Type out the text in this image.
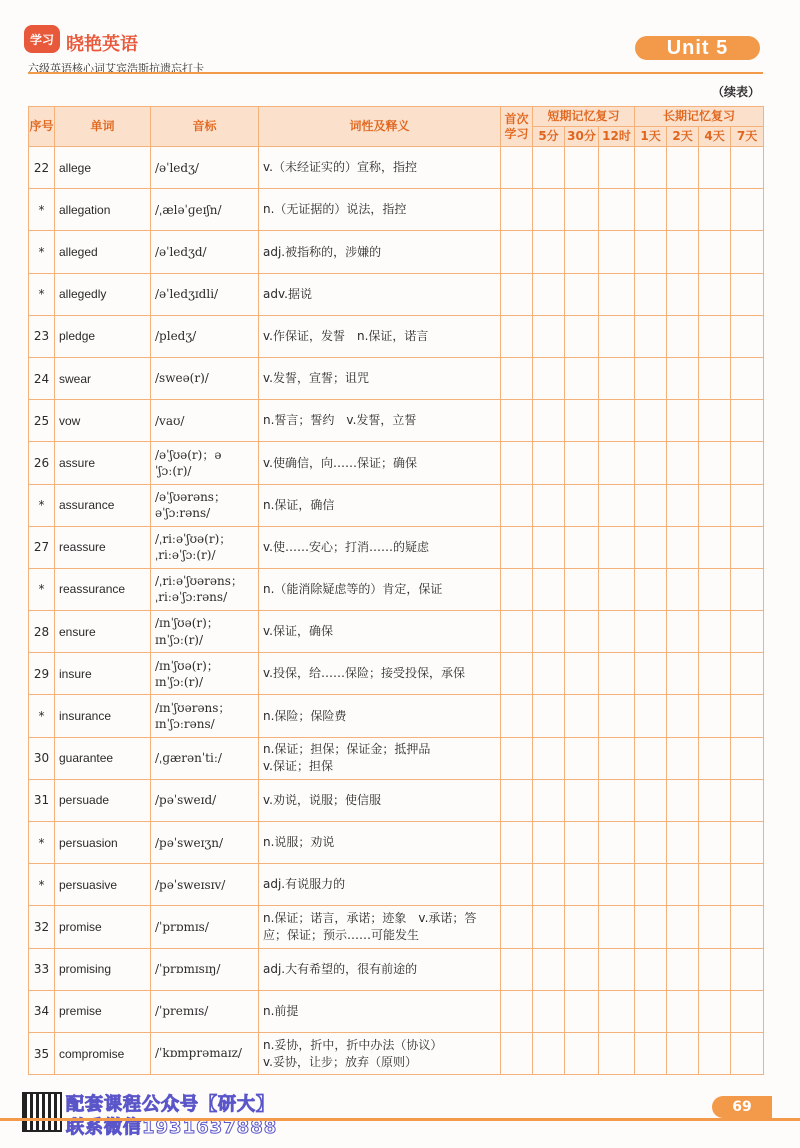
学习 晓艳英语
六级英语核心词艾宾浩斯抗遗忘打卡
Unit 5
（续表）
序号	单词	音标	词性及释义	首次学习	短期记忆复习			长期记忆复习			
					5分	30分	12时	1天	2天	4天	7天
22	allege	/əˈledʒ/	v.（未经证实的）宣称，指控								

*	allegation	/ˌæləˈɡeɪʃn/	n.（无证据的）说法，指控								

*	alleged	/əˈledʒd/	adj.被指称的，涉嫌的								

*	allegedly	/əˈledʒɪdli/	adv.据说								

23	pledge	/pledʒ/	v.作保证，发誓　n.保证，诺言								

24	swear	/sweə(r)/	v.发誓，宣誓；诅咒								

25	vow	/vaʊ/	n.誓言；誓约　v.发誓，立誓								

26	assure	/əˈʃʊə(r)；əˈʃɔː(r)/	v.使确信，向……保证；确保								

*	assurance	/əˈʃʊərəns；
əˈʃɔːrəns/	n.保证，确信								

27	reassure	/ˌriːəˈʃʊə(r)；
ˌriːəˈʃɔː(r)/	v.使……安心；打消……的疑虑								

*	reassurance	/ˌriːəˈʃʊərəns；
ˌriːəˈʃɔːrəns/	n.（能消除疑虑等的）肯定，保证								

28	ensure	/ɪnˈʃʊə(r)；
ɪnˈʃɔː(r)/	v.保证，确保								

29	insure	/ɪnˈʃʊə(r)；
ɪnˈʃɔː(r)/	v.投保，给……保险；接受投保，承保								

*	insurance	/ɪnˈʃʊərəns；
ɪnˈʃɔːrəns/	n.保险；保险费								

30	guarantee	/ˌɡærənˈtiː/	n.保证；担保；保证金；抵押品
v.保证；担保								

31	persuade	/pəˈsweɪd/	v.劝说，说服；使信服								

*	persuasion	/pəˈsweɪʒn/	n.说服；劝说								

*	persuasive	/pəˈsweɪsɪv/	adj.有说服力的								

32	promise	/ˈprɒmɪs/	n.保证；诺言，承诺；迹象　v.承诺；答
应；保证；预示……可能发生								

33	promising	/ˈprɒmɪsɪŋ/	adj.大有希望的，很有前途的								

34	premise	/ˈpremɪs/	n.前提								

35	compromise	/ˈkɒmprəmaɪz/	n.妥协，折中，折中办法（协议）
v.妥协，让步；放弃（原则）								

配套课程公众号【研大】
联系微信1931637888
69
